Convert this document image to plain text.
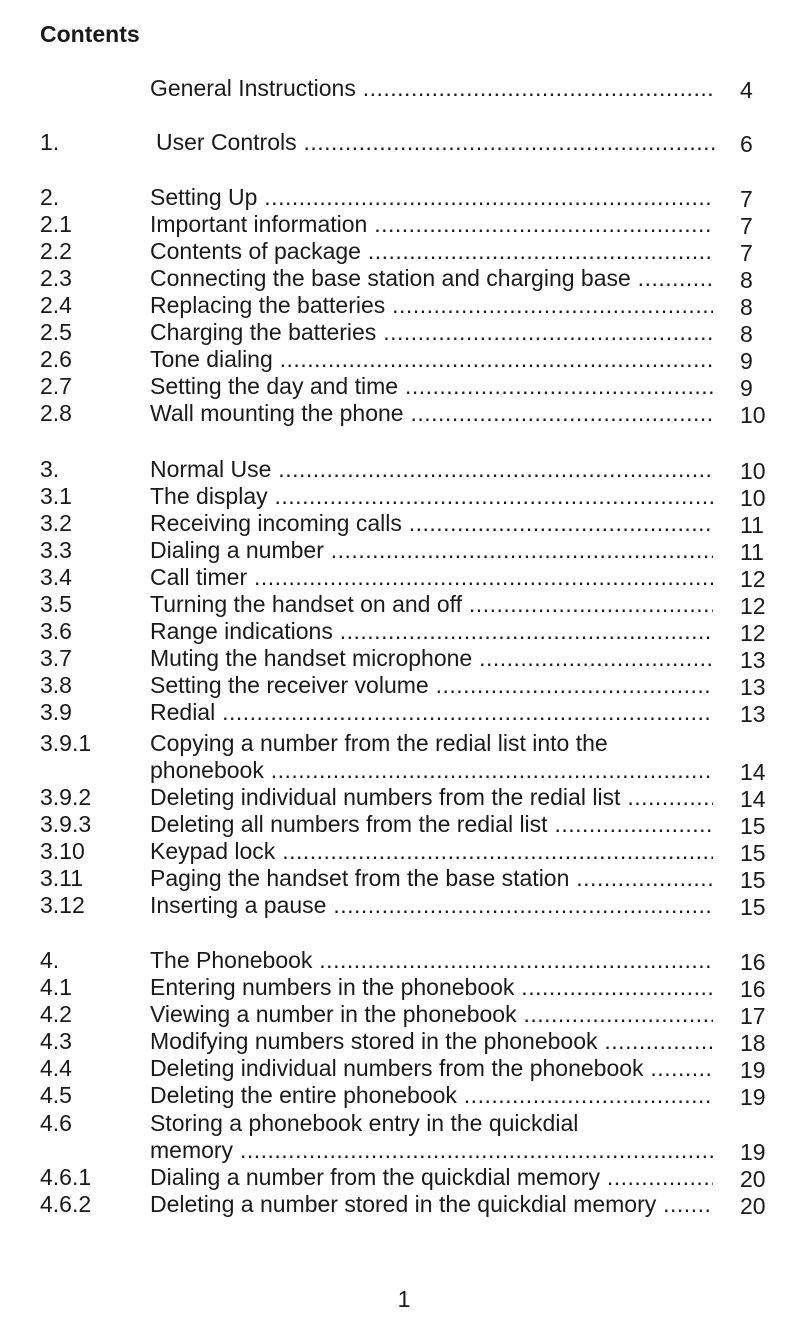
Contents
General Instructions .....	4
1.	User Controls .....	6
2.	Setting Up .....	7
2.1	Important information .....	7
2.2	Contents of package .....	7
2.3	Connecting the base station and charging base .....	8
2.4	Replacing the batteries .....	8
2.5	Charging the batteries .....	8
2.6	Tone dialing .....	9
2.7	Setting the day and time .....	9
2.8	Wall mounting the phone .....	10
3.	Normal Use .....	10
3.1	The display .....	10
3.2	Receiving incoming calls .....	11
3.3	Dialing a number .....	11
3.4	Call timer .....	12
3.5	Turning the handset on and off .....	12
3.6	Range indications .....	12
3.7	Muting the handset microphone .....	13
3.8	Setting the receiver volume .....	13
3.9	Redial .....	13
3.9.1	Copying a number from the redial list into the
phonebook .....	14
3.9.2	Deleting individual numbers from the redial list .....	14
3.9.3	Deleting all numbers from the redial list .....	15
3.10	Keypad lock .....	15
3.11	Paging the handset from the base station .....	15
3.12	Inserting a pause .....	15
4.	The Phonebook .....	16
4.1	Entering numbers in the phonebook .....	16
4.2	Viewing a number in the phonebook .....	17
4.3	Modifying numbers stored in the phonebook .....	18
4.4	Deleting individual numbers from the phonebook .....	19
4.5	Deleting the entire phonebook .....	19
4.6	Storing a phonebook entry in the quickdial
memory .....	19
4.6.1	Dialing a number from the quickdial memory .....	20
4.6.2	Deleting a number stored in the quickdial memory .....	20
1
